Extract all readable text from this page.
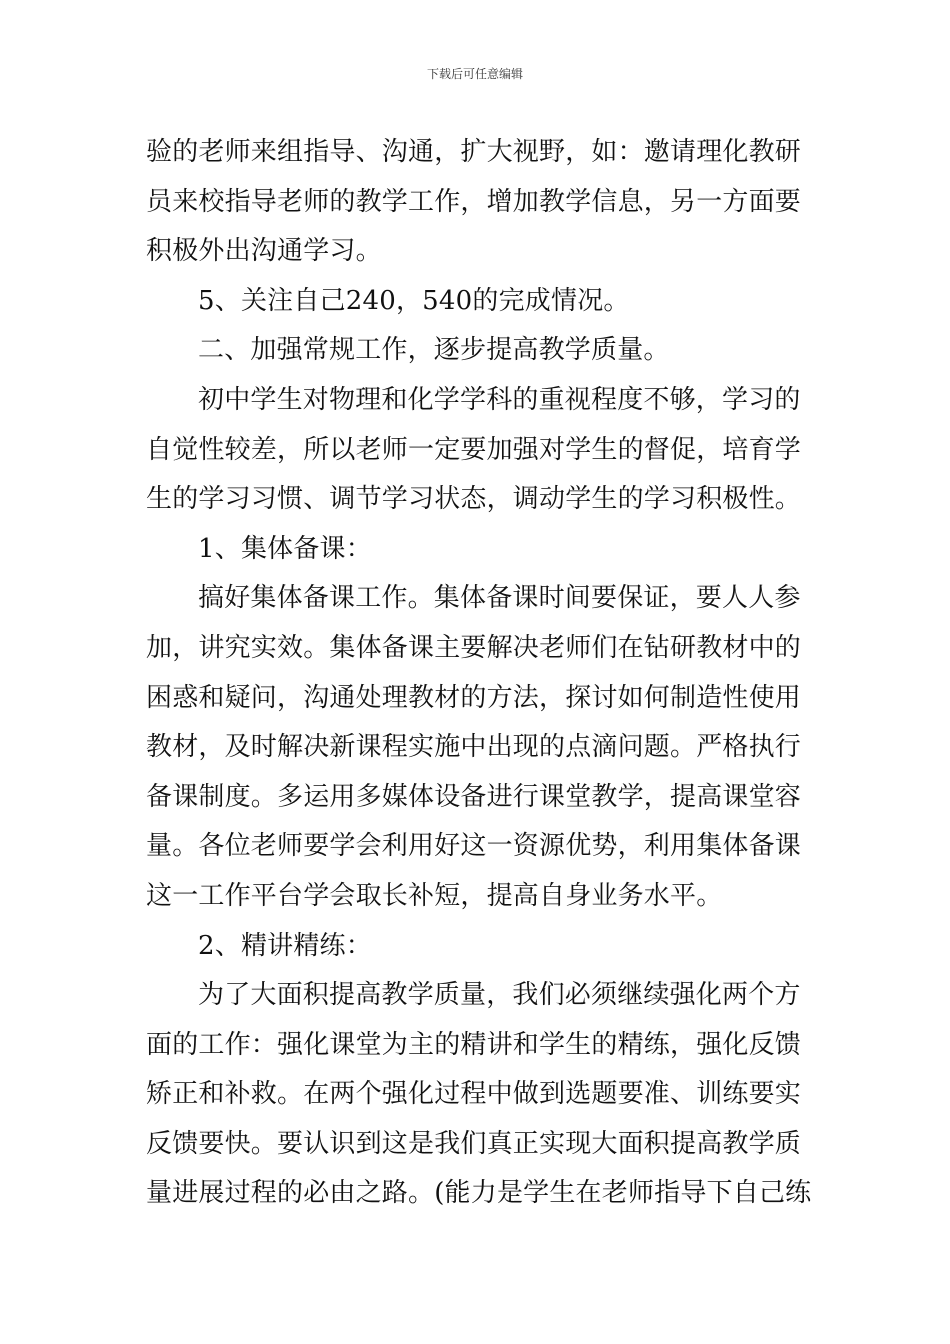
下载后可任意编辑
验的老师来组指导、沟通，扩大视野，如：邀请理化教研
员来校指导老师的教学工作，增加教学信息，另一方面要
积极外出沟通学习。
5、关注自己240，540的完成情况。
二、加强常规工作，逐步提高教学质量。
初中学生对物理和化学学科的重视程度不够，学习的
自觉性较差，所以老师一定要加强对学生的督促，培育学
生的学习习惯、调节学习状态，调动学生的学习积极性。
1、集体备课：
搞好集体备课工作。集体备课时间要保证，要人人参
加，讲究实效。集体备课主要解决老师们在钻研教材中的
困惑和疑问，沟通处理教材的方法，探讨如何制造性使用
教材，及时解决新课程实施中出现的点滴问题。严格执行
备课制度。多运用多媒体设备进行课堂教学，提高课堂容
量。各位老师要学会利用好这一资源优势，利用集体备课
这一工作平台学会取长补短，提高自身业务水平。
2、精讲精练：
为了大面积提高教学质量，我们必须继续强化两个方
面的工作：强化课堂为主的精讲和学生的精练，强化反馈
矫正和补救。在两个强化过程中做到选题要准、训练要实
反馈要快。要认识到这是我们真正实现大面积提高教学质
量进展过程的必由之路。(能力是学生在老师指导下自己练
